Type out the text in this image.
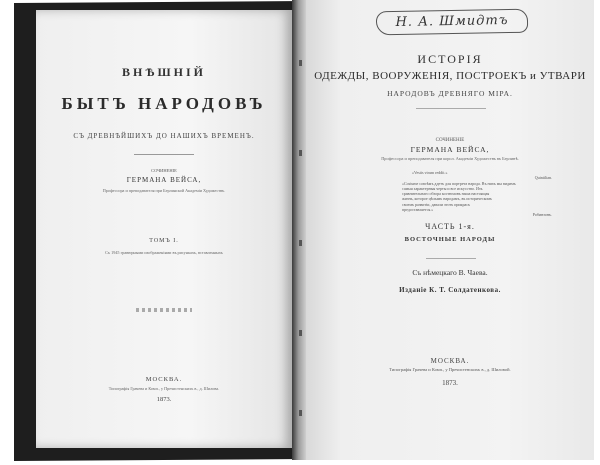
ВНѢШНІЙ
БЫТЪ НАРОДОВЪ
СЪ ДРЕВНѢЙШИХЪ ДО НАШИХЪ ВРЕМЕНЪ.
СОЧИНЕНІЕ
ГЕРМАНА ВЕЙСА,
Профессора и преподавателя при Берлинской Академіи Художествъ.
ТОМЪ I.
Съ 1945 гравюрными изображеніями въ рисункахъ, вставленныхъ
МОСКВА.
Типографія Грачева и Комп., у Пречистенскихъ в., д. Шилова.
1873.
Н. А. Шмидтъ
ИСТОРІЯ
ОДЕЖДЫ, ВООРУЖЕНІЯ, ПОСТРОЕКЪ и УТВАРИ
НАРОДОВЪ ДРЕВНЯГО МІРА.
СОЧИНЕНІЕ
ГЕРМАНА ВЕЙСА,
Профессора и преподавателя при корол. Академіи Художествъ въ Берлинѣ.
«Vestis virum reddit.»
Quintilian.
«Costume совсѣмъ ддетъ для портрета народа. Въ нихъ мы видимъ
самыя характерныя черты и все искусство. Изъ
сравнительнаго обзора костюмовъ наша настоящая
жизнь, которое цѣлымъ народамъ, въ историческомъ
своемъ развитіи, давали этотъ прикрасъ
предоставляется.»
Робинзонъ.
ЧАСТЬ 1-я.
ВОСТОЧНЫЕ НАРОДЫ
Съ нѣмецкаго В. Чаева.
Изданіе К. Т. Солдатенкова.
МОСКВА.
Типографія Грачева и Комп., у Пречистенскихъ в., д. Шиловой.
1873.
